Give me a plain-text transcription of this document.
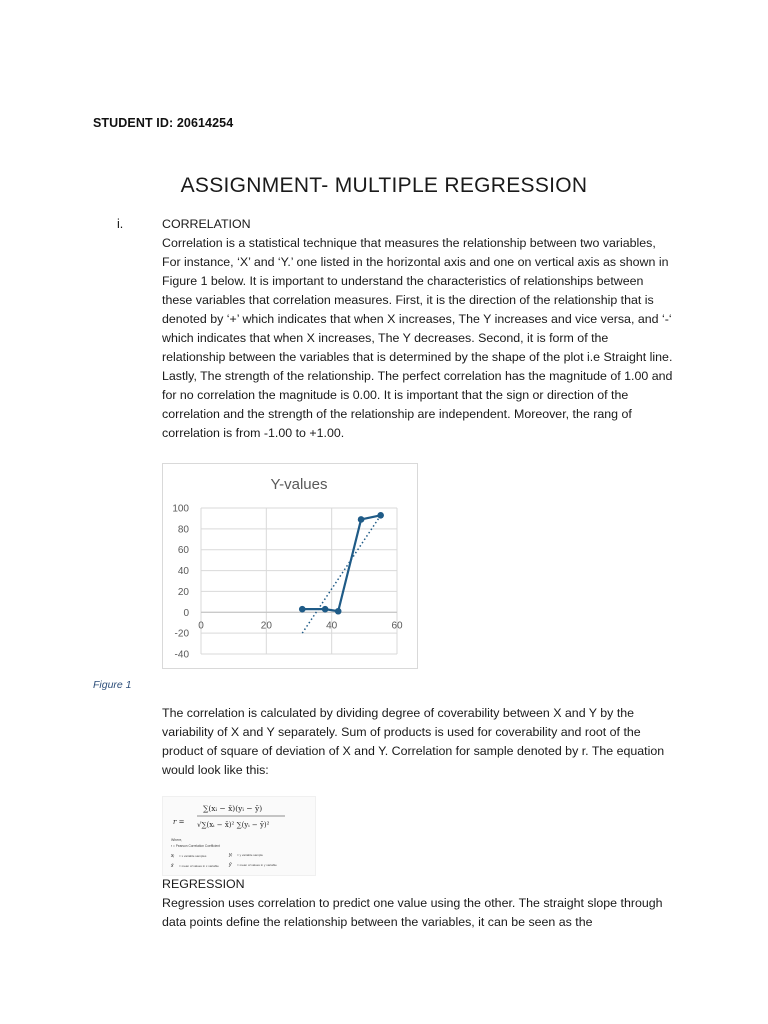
STUDENT ID: 20614254
ASSIGNMENT- MULTIPLE REGRESSION
i.	CORRELATION
Correlation is a statistical technique that measures the relationship between two variables, For instance, ‘X’ and ‘Y.’ one listed in the horizontal axis and one on vertical axis as shown in Figure 1 below. It is important to understand the characteristics of relationships between these variables that correlation measures. First, it is the direction of the relationship that is denoted by ‘+’ which indicates that when X increases, The Y increases and vice versa, and ‘-‘ which indicates that when X increases, The Y decreases. Second, it is form of the relationship between the variables that is determined by the shape of the plot i.e Straight line. Lastly, The strength of the relationship. The perfect correlation has the magnitude of 1.00 and for no correlation the magnitude is 0.00. It is important that the sign or direction of the correlation and the strength of the relationship are independent. Moreover, the rang of correlation is from -1.00 to +1.00.
Y-values
100
80
60
40
20
0
-20
-40
0	20	40	60
Figure 1
The correlation is calculated by dividing degree of coverability between X and Y by the variability of X and Y separately. Sum of products is used for coverability and root of the product of square of deviation of X and Y. Correlation for sample denoted by r. The equation would look like this:
r =
∑(xᵢ − x̄)(yᵢ − ȳ)
√∑(xᵢ − x̄)² ∑(yᵢ − ȳ)²
Where,
r = Pearson Correlation Coefficient
xᵢ = x variable samples	yᵢ = y variable sample
x̄ = mean of values in x variable ȳ = mean of values in y variable
REGRESSION
Regression uses correlation to predict one value using the other. The straight slope through data points define the relationship between the variables, it can be seen as the
